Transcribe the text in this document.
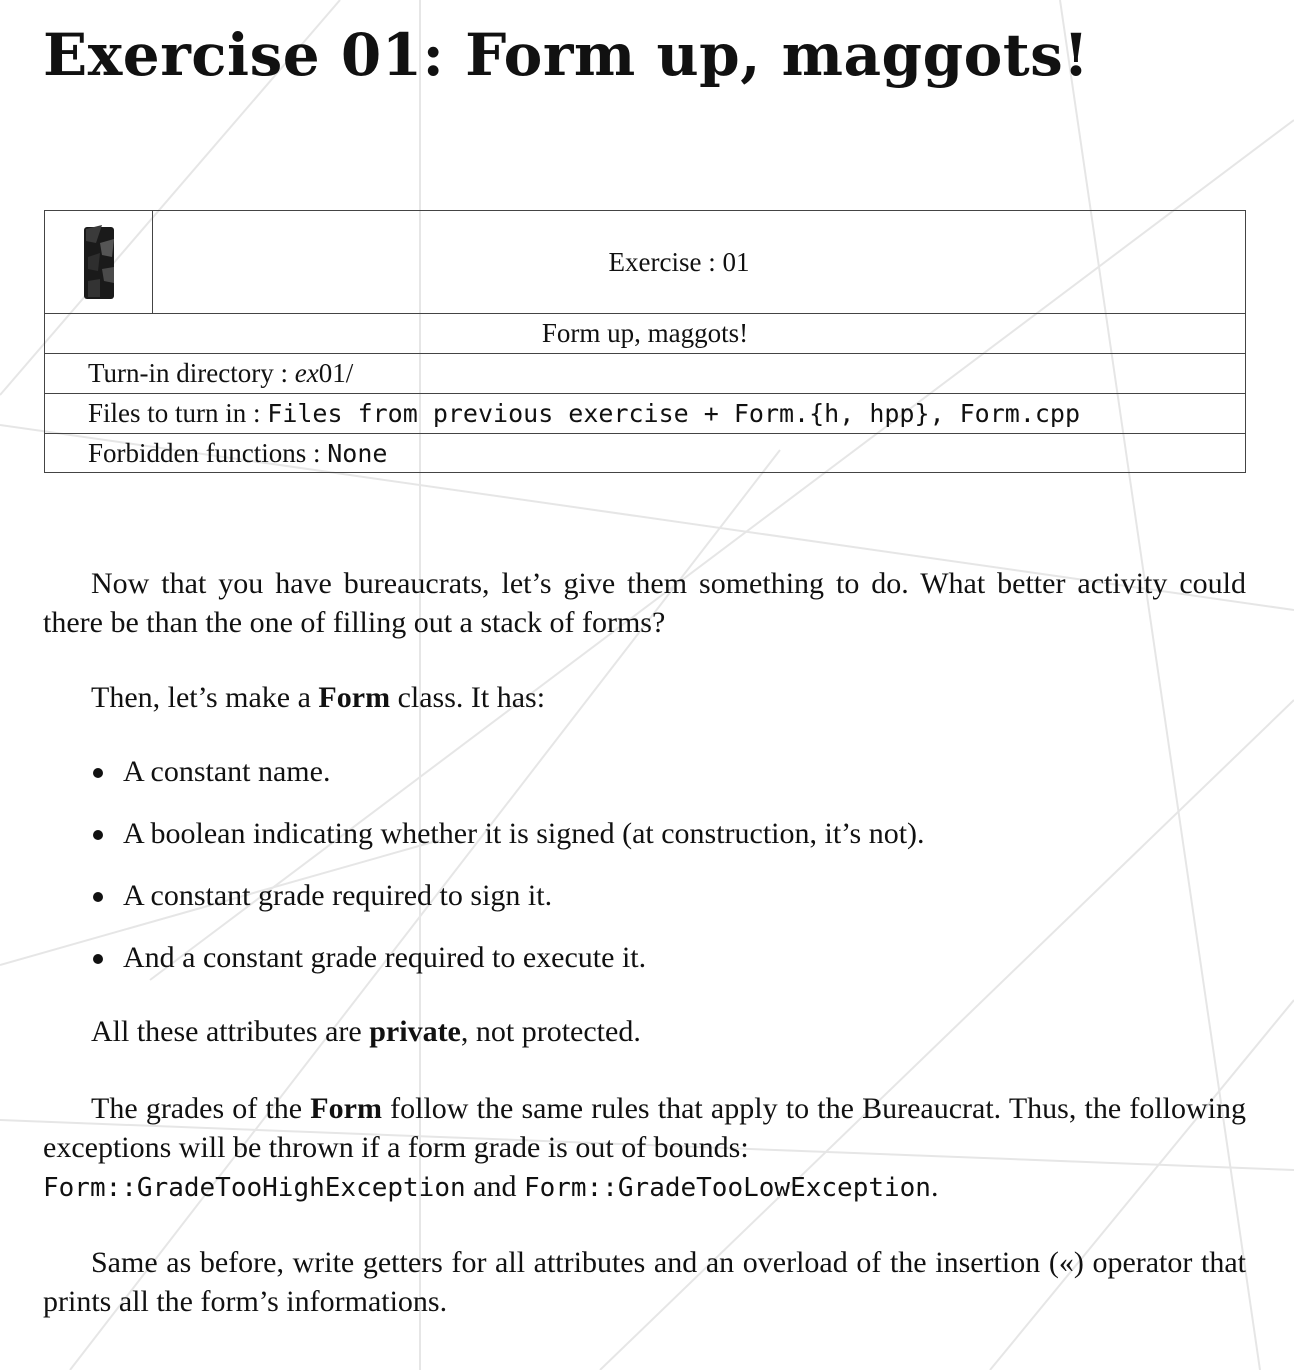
Exercise 01: Form up, maggots!
Exercise : 01
Form up, maggots!
Turn-in directory : ex01/
Files to turn in : Files from previous exercise + Form.{h, hpp}, Form.cpp
Forbidden functions : None

Now that you have bureaucrats, let’s give them something to do. What better activity could there be than the one of filling out a stack of forms?

Then, let’s make a Form class. It has:

A constant name.
A boolean indicating whether it is signed (at construction, it’s not).
A constant grade required to sign it.
And a constant grade required to execute it.

All these attributes are private, not protected.

The grades of the Form follow the same rules that apply to the Bureaucrat. Thus, the following exceptions will be thrown if a form grade is out of bounds:
Form::GradeTooHighException and Form::GradeTooLowException.

Same as before, write getters for all attributes and an overload of the insertion («) operator that prints all the form’s informations.
